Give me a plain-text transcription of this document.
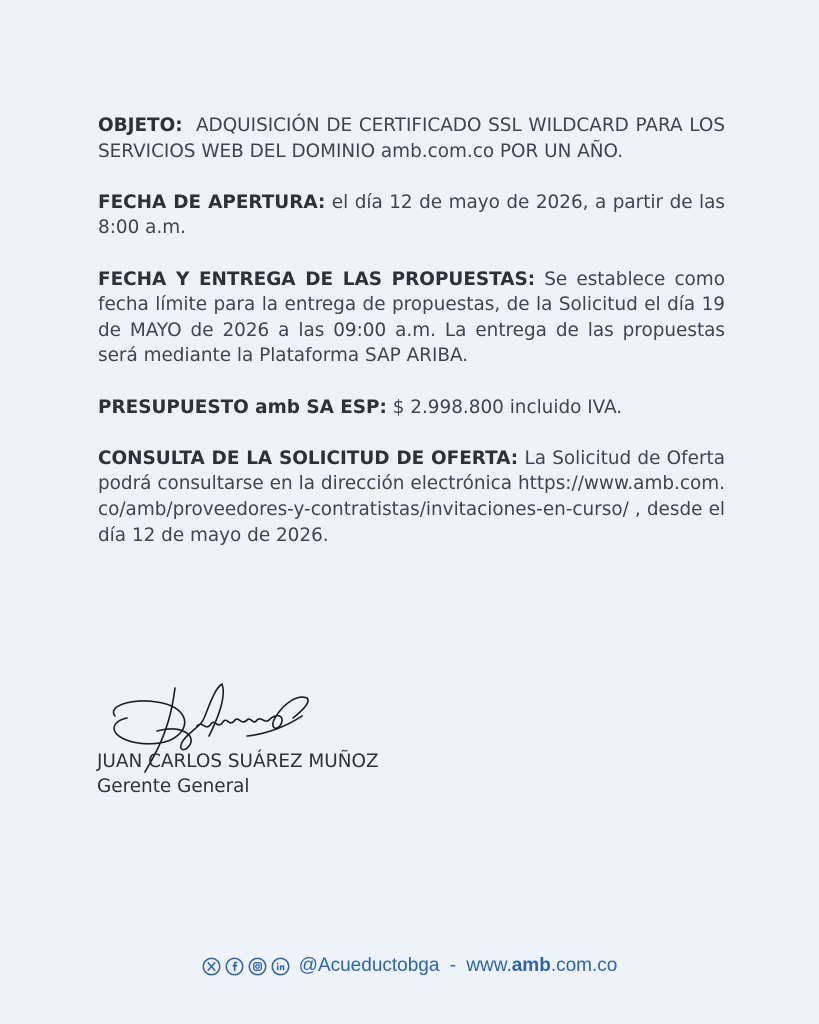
OBJETO:  ADQUISICIÓN DE CERTIFICADO SSL WILDCARD PARA LOS SERVICIOS WEB DEL DOMINIO amb.com.co POR UN AÑO.

FECHA DE APERTURA: el día 12 de mayo de 2026, a partir de las 8:00 a.m.

FECHA Y ENTREGA DE LAS PROPUESTAS: Se establece como fecha límite para la entrega de propuestas, de la Solicitud el día 19 de MAYO de 2026 a las 09:00 a.m. La entrega de las propuestas será mediante la Plataforma SAP ARIBA.

PRESUPUESTO amb SA ESP: $ 2.998.800 incluido IVA.

CONSULTA DE LA SOLICITUD DE OFERTA: La Solicitud de Oferta podrá consultarse en la dirección electrónica https://www.amb.com.co/amb/proveedores-y-contratistas/invitaciones-en-curso/ , desde el día 12 de mayo de 2026.
JUAN CARLOS SUÁREZ MUÑOZ
Gerente General
@Acueductobga - www.amb.com.co
